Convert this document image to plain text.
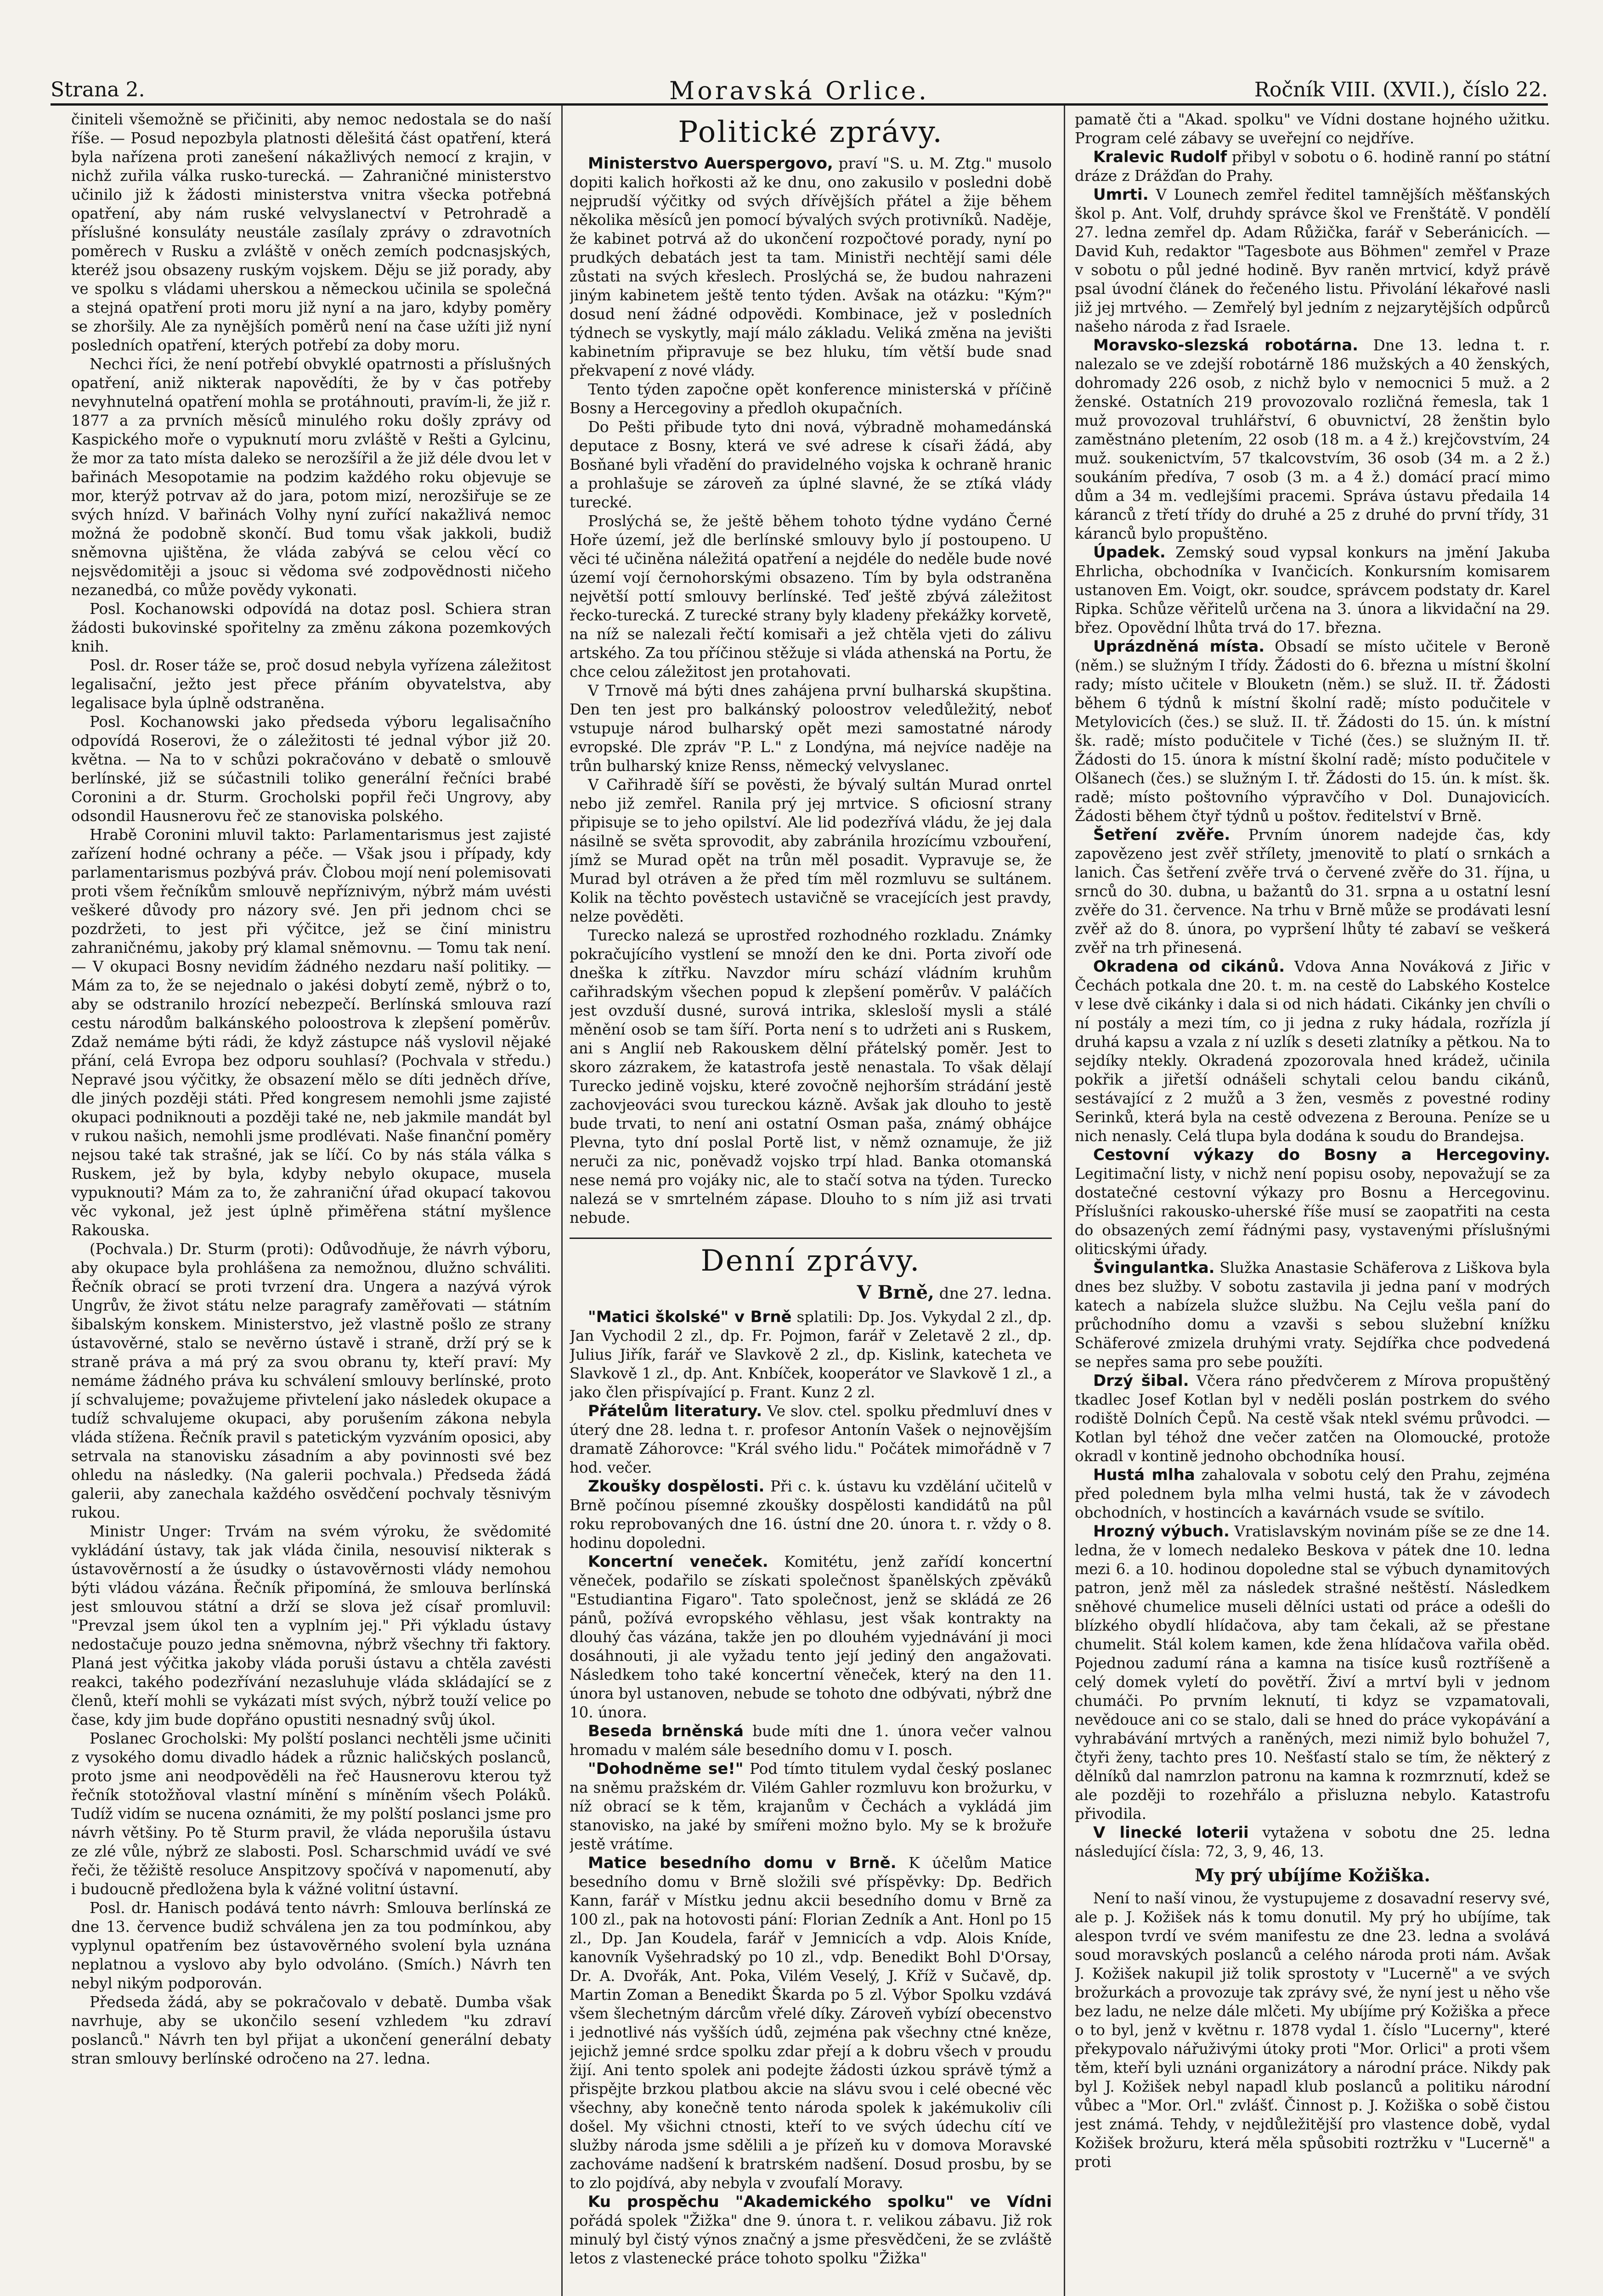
Strana 2.	Moravská Orlice.	Ročník VIII. (XVII.), číslo 22.

činiteli všemožně se přičiniti, aby nemoc nedostala se do naší říše. — Posud nepozbyla platnosti dělešitá část opatření, která byla nařízena proti zanešení nákažlivých nemocí z krajin, v nichž zuřila válka rusko-turecká. — Zahraničné ministerstvo učinilo již k žádosti ministerstva vnitra všecka potřebná opatření, aby nám ruské velvyslanectví v Petrohradě a příslušné konsuláty neustále zasílaly zprávy o zdravotních poměrech v Rusku a zvláště v oněch zemích podcnasjských, kteréž jsou obsazeny ruským vojskem. Děju se již porady, aby ve spolku s vládami uherskou a německou učinila se společná a stejná opatření proti moru již nyní a na jaro, kdyby poměry se zhoršily. Ale za nynějších poměrů není na čase užíti již nyní posledních opatření, kterých potřebí za doby moru.

Nechci říci, že není potřebí obvyklé opatrnosti a příslušných opatření, aniž nikterak napovědíti, že by v čas potřeby nevyhnutelná opatření mohla se protáhnouti, pravím-li, že již r. 1877 a za prvních měsíců minulého roku došly zprávy od Kaspického moře o vypuknutí moru zvláště v Rešti a Gylcinu, že mor za tato místa daleko se nerozšířil a že již déle dvou let v bařinách Mesopotamie na podzim každého roku objevuje se mor, kterýž potrvav až do jara, potom mizí, nerozšiřuje se ze svých hnízd. V bařinách Volhy nyní zuřící nakažlivá nemoc možná že podobně skončí. Bud tomu však jakkoli, budiž sněmovna ujištěna, že vláda zabývá se celou věcí co nejsvědomitěji a jsouc si vědoma své zodpovědnosti ničeho nezanedbá, co může povědy vykonati.

Posl. Kochanowski odpovídá na dotaz posl. Schiera stran žádosti bukovinské spořitelny za změnu zákona pozemkových knih.

Posl. dr. Roser táže se, proč dosud nebyla vyřízena záležitost legalisační, ježto jest přece přáním obyvatelstva, aby legalisace byla úplně odstraněna.

Posl. Kochanowski jako předseda výboru legalisačního odpovídá Roserovi, že o záležitosti té jednal výbor již 20. května. — Na to v schůzi pokračováno v debatě o smlouvě berlínské, již se súčastnili toliko generální řečníci brabé Coronini a dr. Sturm. Grocholski popřil řeči Ungrovy, aby odsondil Hausnerovu řeč ze stanoviska polského.

Hrabě Coronini mluvil takto: Parlamentarismus jest zajisté zařízení hodné ochrany a péče. — Však jsou i případy, kdy parlamentarismus pozbývá práv. Člobou mojí není polemisovati proti všem řečníkům smlouvě nepříznivým, nýbrž mám uvésti veškeré důvody pro názory své. Jen při jednom chci se pozdržeti, to jest při výčitce, jež se činí ministru zahraničnému, jakoby prý klamal sněmovnu. — Tomu tak není. — V okupaci Bosny nevidím žádného nezdaru naší politiky. — Mám za to, že se nejednalo o jakési dobytí země, nýbrž o to, aby se odstranilo hrozící nebezpečí. Berlínská smlouva razí cestu národům balkánského poloostrova k zlepšení poměrův. Zdaž nemáme býti rádi, že když zástupce náš vyslovil nějaké přání, celá Evropa bez odporu souhlasí? (Pochvala v středu.) Nepravé jsou výčitky, že obsazení mělo se díti jedněch dříve, dle jiných později státi. Před kongresem nemohli jsme zajisté okupaci podniknouti a později také ne, neb jakmile mandát byl v rukou našich, nemohli jsme prodlévati. Naše finanční poměry nejsou také tak strašné, jak se líčí. Co by nás stála válka s Ruskem, jež by byla, kdyby nebylo okupace, musela vypuknouti? Mám za to, že zahraniční úřad okupací takovou věc vykonal, jež jest úplně přiměřena státní myšlence Rakouska.

(Pochvala.) Dr. Sturm (proti): Odůvodňuje, že návrh výboru, aby okupace byla prohlášena za nemožnou, dlužno schváliti. Řečník obrací se proti tvrzení dra. Ungera a nazývá výrok Ungrův, že život státu nelze paragrafy zaměřovati — státním šibalským konskem. Ministerstvo, jež vlastně pošlo ze strany ústavověrné, stalo se nevěrno ústavě i straně, drží prý se k straně práva a má prý za svou obranu ty, kteří praví: My nemáme žádného práva ku schválení smlouvy berlínské, proto jí schvalujeme; považujeme přivtelení jako následek okupace a tudíž schvalujeme okupaci, aby porušením zákona nebyla vláda stížena. Řečník pravil s patetickým vyzváním oposici, aby setrvala na stanovisku zásadním a aby povinnosti své bez ohledu na následky. (Na galerii pochvala.) Předseda žádá galerii, aby zanechala každého osvědčení pochvaly těsnivým rukou.

Ministr Unger: Trvám na svém výroku, že svědomité vykládání ústavy, tak jak vláda činila, nesouvisí nikterak s ústavověrností a že úsudky o ústavověrnosti vlády nemohou býti vládou vázána. Řečník připomíná, že smlouva berlínská jest smlouvou státní a drží se slova jež císař promluvil: "Prevzal jsem úkol ten a vyplním jej." Při výkladu ústavy nedostačuje pouzo jedna sněmovna, nýbrž všechny tři faktory. Planá jest výčitka jakoby vláda poruši ústavu a chtěla zavésti reakci, takého podezřívání nezasluhuje vláda skládající se z členů, kteří mohli se vykázati míst svých, nýbrž touží velice po čase, kdy jim bude dopřáno opustiti nesnadný svůj úkol.

Poslanec Grocholski: My polští poslanci nechtěli jsme učiniti z vysokého domu divadlo hádek a různic haličských poslanců, proto jsme ani neodpověděli na řeč Hausnerovu kterou tyž řečník stotožňoval vlastní mínění s míněním všech Poláků. Tudíž vidím se nucena oznámiti, že my polští poslanci jsme pro návrh většiny. Po tě Sturm pravil, že vláda neporušila ústavu ze zlé vůle, nýbrž ze slabosti. Posl. Scharschmid uvádí ve své řeči, že těžiště resoluce Anspitzovy spočívá v napomenutí, aby i budoucně předložena byla k vážné volitní ústavní.

Posl. dr. Hanisch podává tento návrh: Smlouva berlínská ze dne 13. července budiž schválena jen za tou podmínkou, aby vyplynul opatřením bez ústavověrného svolení byla uznána neplatnou a vyslovo aby bylo odvoláno. (Smích.) Návrh ten nebyl nikým podporován.

Předseda žádá, aby se pokračovalo v debatě. Dumba však navrhuje, aby se ukončilo sesení vzhledem "ku zdraví poslanců." Návrh ten byl přijat a ukončení generální debaty stran smlouvy berlínské odročeno na 27. ledna.

Politické zprávy.

Ministerstvo Auerspergovo, praví "S. u. M. Ztg." musolo dopiti kalich hořkosti až ke dnu, ono zakusilo v posledni době nejprudší výčitky od svých dřívějších přátel a žije během několika měsíců jen pomocí bývalých svých protivníků. Naděje, že kabinet potrvá až do ukončení rozpočtové porady, nyní po prudkých debatách jest ta tam. Ministři nechtějí sami déle zůstati na svých křeslech. Proslýchá se, že budou nahrazeni jiným kabinetem ještě tento týden. Avšak na otázku: "Kým?" dosud není žádné odpovědi. Kombinace, jež v posledních týdnech se vyskytly, mají málo základu. Veliká změna na jevišti kabinetním připravuje se bez hluku, tím větší bude snad překvapení z nové vlády.

Tento týden započne opět konference ministerská v příčině Bosny a Hercegoviny a předloh okupačních.

Do Pešti přibude tyto dni nová, výbradně mohamedánská deputace z Bosny, která ve své adrese k císaři žádá, aby Bosňané byli vřadění do pravidelného vojska k ochraně hranic a prohlašuje se zároveň za úplné slavné, že se ztíká vlády turecké.

Proslýchá se, že ještě během tohoto týdne vydáno Černé Hoře území, jež dle berlínské smlouvy bylo jí postoupeno. U věci té učiněna náležitá opatření a nejdéle do neděle bude nové území vojí černohorskými obsazeno. Tím by byla odstraněna největší pottí smlouvy berlínské. Teď ještě zbývá záležitost řecko-turecká. Z turecké strany byly kladeny překážky korvetě, na níž se nalezali řečtí komisaři a jež chtěla vjeti do zálivu artského. Za tou příčinou stěžuje si vláda athenská na Portu, že chce celou záležitost jen protahovati.

V Trnově má býti dnes zahájena první bulharská skupština. Den ten jest pro balkánský poloostrov veledůležitý, neboť vstupuje národ bulharský opět mezi samostatné národy evropské. Dle zpráv "P. L." z Londýna, má nejvíce naděje na trůn bulharský knize Renss, německý velvyslanec.

V Cařihradě šíří se pověsti, že bývalý sultán Murad onrtel nebo již zemřel. Ranila prý jej mrtvice. S oficiosní strany připisuje se to jeho opilství. Ale lid podezřívá vládu, že jej dala násilně se světa sprovodit, aby zabránila hrozícímu vzbouření, jímž se Murad opět na trůn měl posadit. Vypravuje se, že Murad byl otráven a že před tím měl rozmluvu se sultánem. Kolik na těchto pověstech ustavičně se vracejících jest pravdy, nelze pověděti.

Turecko nalezá se uprostřed rozhodného rozkladu. Známky pokračujícího vystlení se množí den ke dni. Porta zivoří ode dneška k zítřku. Navzdor míru schází vládním kruhům cařihradským všechen popud k zlepšení poměrův. V paláčích jest ovzduší dusné, surová intrika, sklesloší mysli a stálé měnění osob se tam šíří. Porta není s to udržeti ani s Ruskem, ani s Anglií neb Rakouskem dělní přátelský poměr. Jest to skoro zázrakem, že katastrofa jestě nenastala. To však dělají Turecko jedině vojsku, které zovočně nejhorším strádání jestě zachovjeováci svou tureckou kázně. Avšak jak dlouho to jestě bude trvati, to není ani ostatní Osman paša, známý obhájce Plevna, tyto dní poslal Portě list, v němž oznamuje, že již neruči za nic, poněvadž vojsko trpí hlad. Banka otomanská nese nemá pro vojáky nic, ale to stačí sotva na týden. Turecko nalezá se v smrtelném zápase. Dlouho to s ním již asi trvati nebude.

Denní zprávy.
V Brně, dne 27. ledna.

"Matici školské" v Brně splatili: Dp. Jos. Vykydal 2 zl., dp. Jan Vychodil 2 zl., dp. Fr. Pojmon, farář v Zeletavě 2 zl., dp. Julius Jiřík, farář ve Slavkově 2 zl., dp. Kislink, katecheta ve Slavkově 1 zl., dp. Ant. Knbíček, kooperátor ve Slavkově 1 zl., a jako člen přispívající p. Frant. Kunz 2 zl.

Přátelům literatury. Ve slov. ctel. spolku předmluví dnes v úterý dne 28. ledna t. r. profesor Antonín Vašek o nejnovějším dramatě Záhorovce: "Král svého lidu." Počátek mimořádně v 7 hod. večer.

Zkoušky dospělosti. Při c. k. ústavu ku vzdělání učitelů v Brně počínou písemné zkoušky dospělosti kandidátů na půl roku reprobovaných dne 16. ústní dne 20. února t. r. vždy o 8. hodinu dopoledni.

Koncertní veneček. Komitétu, jenž zařídí koncertní věneček, podařilo se získati společnost španělských zpěváků "Estudiantina Figaro". Tato společnost, jenž se skládá ze 26 pánů, požívá evropského věhlasu, jest však kontrakty na dlouhý čas vázána, takže jen po dlouhém vyjednávání ji moci dosáhnouti, ji ale vyžadu tento její jediný den angažovati. Následkem toho také koncertní věneček, který na den 11. února byl ustanoven, nebude se tohoto dne odbývati, nýbrž dne 10. února.

Beseda brněnská bude míti dne 1. února večer valnou hromadu v malém sále besedního domu v I. posch.

"Dohodněme se!" Pod tímto titulem vydal český poslanec na sněmu pražském dr. Vilém Gahler rozmluvu kon brožurku, v níž obrací se k těm, krajanům v Čechách a vykládá jim stanovisko, na jaké by smířeni možno bylo. My se k brožuře jestě vrátíme.

Matice besedního domu v Brně. K účelům Matice besedního domu v Brně složili své příspěvky: Dp. Bedřich Kann, farář v Místku jednu akcii besedního domu v Brně za 100 zl., pak na hotovosti pání: Florian Zedník a Ant. Honl po 15 zl., Dp. Jan Koudela, farář v Jemnicích a vdp. Alois Kníde, kanovník Vyšehradský po 10 zl., vdp. Benedikt Bohl D'Orsay, Dr. A. Dvořák, Ant. Poka, Vilém Veselý, J. Kříž v Sučavě, dp. Martin Zoman a Benedikt Škarda po 5 zl. Výbor Spolku vzdává všem šlechetným dárcům vřelé díky. Zároveň vybízí obecenstvo i jednotlivé nás vyšších údů, zejména pak všechny ctné kněze, jejichž jemné srdce spolku zdar přejí a k dobru všech v proudu žijí. Ani tento spolek ani podejte žádosti úzkou správě týmž a přispějte brzkou platbou akcie na slávu svou i celé obecné věc všechny, aby konečně tento národa spolek k jakémukoliv cíli došel. My všichni ctnosti, kteří to ve svých údechu cítí ve služby národa jsme sdělili a je přízeň ku v domova Moravské zachováme nadšení k bratrském nadšení. Dosud prosbu, by se to zlo pojdívá, aby nebyla v zvoufalí Moravy.

Ku prospěchu "Akademického spolku" ve Vídni pořádá spolek "Žižka" dne 9. února t. r. velikou zábavu. Již rok minulý byl čistý výnos značný a jsme přesvědčeni, že se zvláště letos z vlastenecké práce tohoto spolku "Žižka"

pamatě čti a "Akad. spolku" ve Vídni dostane hojného užitku. Program celé zábavy se uveřejní co nejdříve.

Kralevic Rudolf přibyl v sobotu o 6. hodině ranní po státní dráze z Drážďan do Prahy.

Umrti. V Lounech zemřel ředitel tamnějších měšťanských škol p. Ant. Volf, druhdy správce škol ve Frenštátě. V pondělí 27. ledna zemřel dp. Adam Růžička, farář v Seberánicích. — David Kuh, redaktor "Tagesbote aus Böhmen" zemřel v Praze v sobotu o půl jedné hodině. Byv raněn mrtvicí, když právě psal úvodní článek do řečeného listu. Přivolání lékařové nasli již jej mrtvého. — Zemřelý byl jedním z nejzarytějších odpůrců našeho národa z řad Israele.

Moravsko-slezská robotárna. Dne 13. ledna t. r. nalezalo se ve zdejší robotárně 186 mužských a 40 ženských, dohromady 226 osob, z nichž bylo v nemocnici 5 muž. a 2 ženské. Ostatních 219 provozovalo rozličná řemesla, tak 1 muž provozoval truhlářství, 6 obuvnictví, 28 ženštin bylo zaměstnáno pletením, 22 osob (18 m. a 4 ž.) krejčovstvím, 24 muž. soukenictvím, 57 tkalcovstvím, 36 osob (34 m. a 2 ž.) soukáním předíva, 7 osob (3 m. a 4 ž.) domácí prací mimo dům a 34 m. vedlejšími pracemi. Správa ústavu předaila 14 káranců z třetí třídy do druhé a 25 z druhé do první třídy, 31 káranců bylo propuštěno.

Úpadek. Zemský soud vypsal konkurs na jmění Jakuba Ehrlicha, obchodníka v Ivančicích. Konkursním komisarem ustanoven Em. Voigt, okr. soudce, správcem podstaty dr. Karel Ripka. Schůze věřitelů určena na 3. února a likvidační na 29. břez. Opovědní lhůta trvá do 17. března.

Uprázdněná místa. Obsadí se místo učitele v Beroně (něm.) se služným I třídy. Žádosti do 6. března u místní školní rady; místo učitele v Blouketn (něm.) se služ. II. tř. Žádosti během 6 týdnů k místní školní radě; místo podučitele v Metylovicích (čes.) se služ. II. tř. Žádosti do 15. ún. k místní šk. radě; místo podučitele v Tiché (čes.) se služným II. tř. Žádosti do 15. února k místní školní radě; místo podučitele v Olšanech (čes.) se služným I. tř. Žádosti do 15. ún. k míst. šk. radě; místo poštovního výpravčího v Dol. Dunajovicích. Žádosti během čtyř týdnů u poštov. ředitelství v Brně.

Šetření zvěře. Prvním únorem nadejde čas, kdy zapovězeno jest zvěř střílety, jmenovitě to platí o srnkách a lanich. Čas šetření zvěře trvá o červené zvěře do 31. října, u srnců do 30. dubna, u bažantů do 31. srpna a u ostatní lesní zvěře do 31. července. Na trhu v Brně může se prodávati lesní zvěř až do 8. února, po vypršení lhůty té zabaví se veškerá zvěř na trh přinesená.

Okradena od cikánů. Vdova Anna Nováková z Jiřic v Čechách potkala dne 20. t. m. na cestě do Labského Kostelce v lese dvě cikánky i dala si od nich hádati. Cikánky jen chvíli o ní postály a mezi tím, co ji jedna z ruky hádala, rozřízla jí druhá kapsu a vzala z ní uzlík s deseti zlatníky a pětkou. Na to sejdíky ntekly. Okradená zpozorovala hned krádež, učinila pokřik a jiřetší odnášeli schytali celou bandu cikánů, sestávající z 2 mužů a 3 žen, vesměs z povestné rodiny Serinků, která byla na cestě odvezena z Berouna. Peníze se u nich nenasly. Celá tlupa byla dodána k soudu do Brandejsa.

Cestovní výkazy do Bosny a Hercegoviny. Legitimační listy, v nichž není popisu osoby, nepovažují se za dostatečné cestovní výkazy pro Bosnu a Hercegovinu. Příslušníci rakousko-uherské říše musí se zaopatřiti na cesta do obsazených zemí řádnými pasy, vystavenými příslušnými oliticskými úřady.

Švingulantka. Služka Anastasie Schäferova z Liškova byla dnes bez služby. V sobotu zastavila ji jedna paní v modrých katech a nabízela služce službu. Na Cejlu vešla paní do průchodního domu a vzavši s sebou služební knížku Schäferové zmizela druhými vraty. Sejdířka chce podvedená se nepřes sama pro sebe použíti.

Drzý šibal. Včera ráno předvčerem z Mírova propuštěný tkadlec Josef Kotlan byl v neděli poslán postrkem do svého rodiště Dolních Čepů. Na cestě však ntekl svému průvodci. — Kotlan byl téhož dne večer zatčen na Olomoucké, protože okradl v kontině jednoho obchodníka housí.

Hustá mlha zahalovala v sobotu celý den Prahu, zejména před polednem byla mlha velmi hustá, tak že v závodech obchodních, v hostincích a kavárnách vsude se svítilo.

Hrozný výbuch. Vratislavským novinám píše se ze dne 14. ledna, že v lomech nedaleko Beskova v pátek dne 10. ledna mezi 6. a 10. hodinou dopoledne stal se výbuch dynamitových patron, jenž měl za následek strašné neštěstí. Následkem sněhové chumelice museli dělníci ustati od práce a odešli do blízkého obydlí hlídačova, aby tam čekali, až se přestane chumelit. Stál kolem kamen, kde žena hlídačova vařila oběd. Pojednou zadumí rána a kamna na tisíce kusů roztříšeně a celý domek vyletí do povětří. Živí a mrtví byli v jednom chumáči. Po prvním leknutí, ti kdyz se vzpamatovali, nevědouce ani co se stalo, dali se hned do práce vykopávání a vyhrabávání mrtvých a raněných, mezi nimiž bylo bohužel 7, čtyři ženy, tachto pres 10. Nešťastí stalo se tím, že některý z dělníků dal namrzlon patronu na kamna k rozmrznutí, kdež se ale později to rozehřálo a přisluzna nebylo. Katastrofu přivodila.

V linecké loterii vytažena v sobotu dne 25. ledna následující čísla: 72, 3, 9, 46, 13.

My prý ubíjíme Kožiška.

Není to naší vinou, že vystupujeme z dosavadní reservy své, ale p. J. Kožišek nás k tomu donutil. My prý ho ubíjíme, tak alespon tvrdí ve svém manifestu ze dne 23. ledna a svolává soud moravských poslanců a celého národa proti nám. Avšak J. Kožišek nakupil již tolik sprostoty v "Lucerně" a ve svých brožurkách a provozuje tak zprávy své, že nyní jest u něho vše bez ladu, ne nelze dále mlčeti. My ubíjíme prý Kožiška a přece o to byl, jenž v květnu r. 1878 vydal 1. číslo "Lucerny", které překypovalo nářuživými útoky proti "Mor. Orlici" a proti všem těm, kteří byli uznáni organizátory a národní práce. Nikdy pak byl J. Kožišek nebyl napadl klub poslanců a politiku národní vůbec a "Mor. Orl." zvlášť. Činnost p. J. Kožiška o sobě čistou jest známá. Tehdy, v nejdůležitější pro vlastence době, vydal Kožišek brožuru, která měla spůsobiti roztržku v "Lucerně" a proti
